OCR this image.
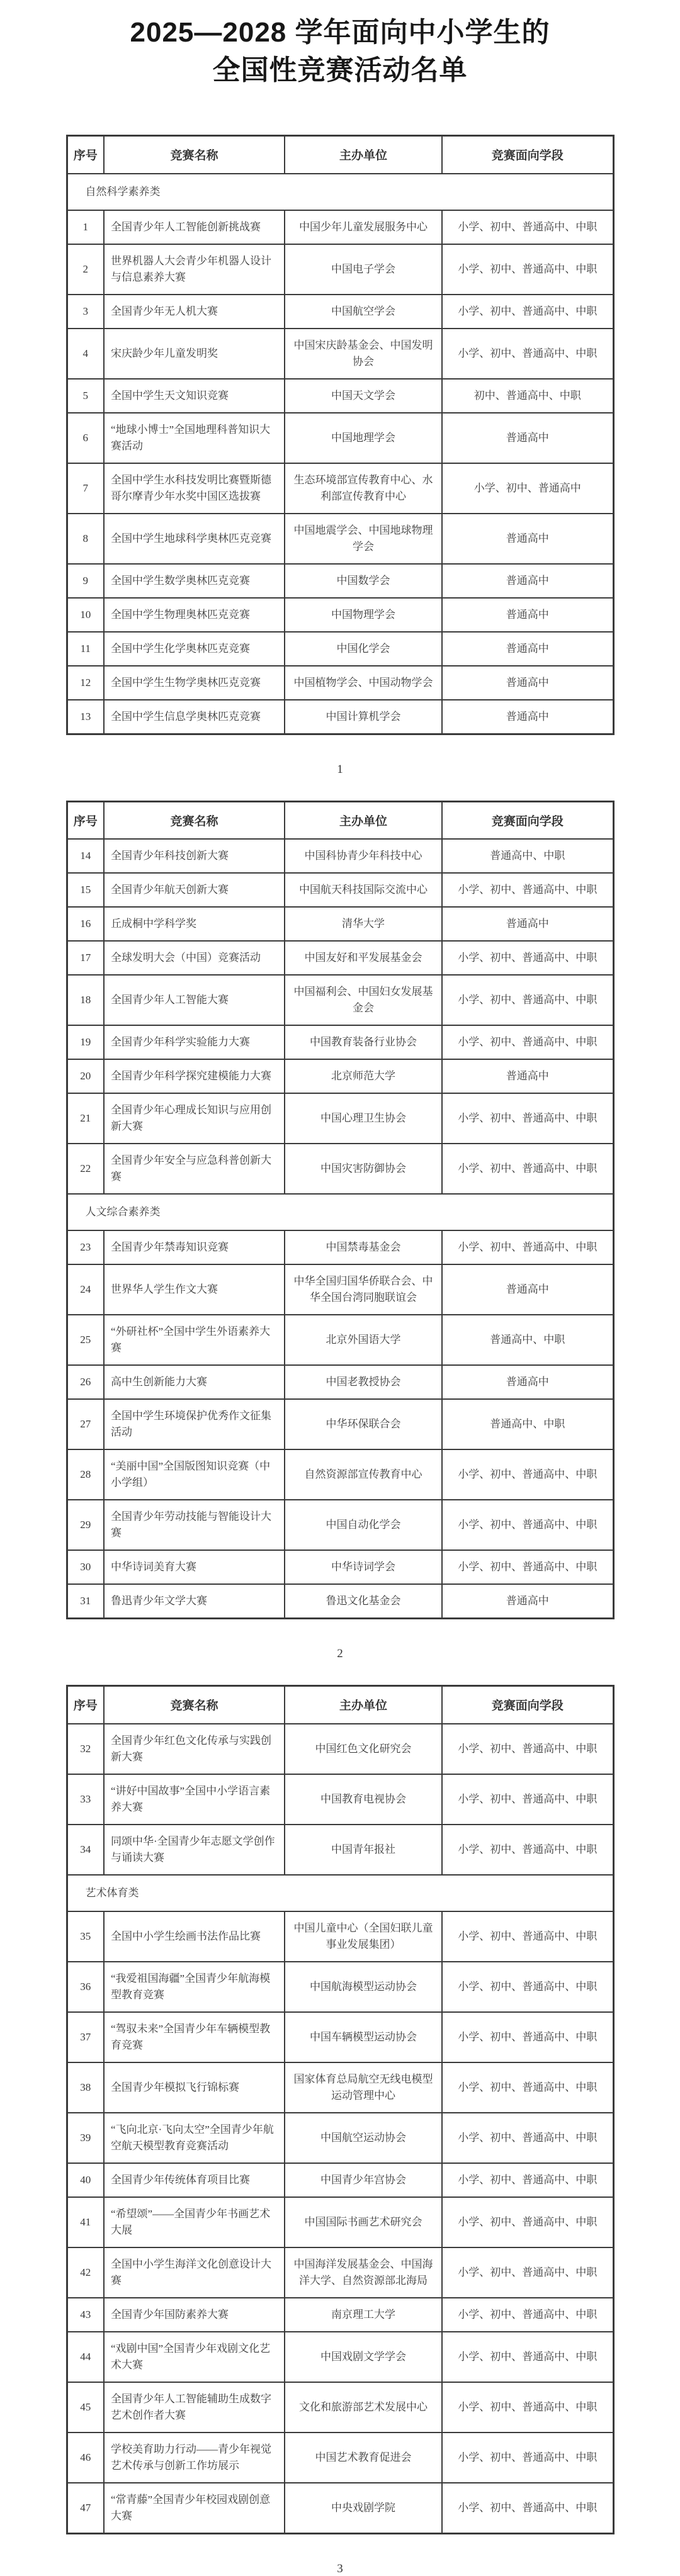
2025—2028 学年面向中小学生的
全国性竞赛活动名单
序号	竞赛名称	主办单位	竞赛面向学段
自然科学素养类			
1	全国青少年人工智能创新挑战赛	中国少年儿童发展服务中心	小学、初中、普通高中、中职
2	世界机器人大会青少年机器人设计与信息素养大赛	中国电子学会	小学、初中、普通高中、中职
3	全国青少年无人机大赛	中国航空学会	小学、初中、普通高中、中职
4	宋庆龄少年儿童发明奖	中国宋庆龄基金会、中国发明协会	小学、初中、普通高中、中职
5	全国中学生天文知识竞赛	中国天文学会	初中、普通高中、中职
6	“地球小博士”全国地理科普知识大赛活动	中国地理学会	普通高中
7	全国中学生水科技发明比赛暨斯德哥尔摩青少年水奖中国区选拔赛	生态环境部宣传教育中心、水利部宣传教育中心	小学、初中、普通高中
8	全国中学生地球科学奥林匹克竞赛	中国地震学会、中国地球物理学会	普通高中
9	全国中学生数学奥林匹克竞赛	中国数学会	普通高中
10	全国中学生物理奥林匹克竞赛	中国物理学会	普通高中
11	全国中学生化学奥林匹克竞赛	中国化学会	普通高中
12	全国中学生生物学奥林匹克竞赛	中国植物学会、中国动物学会	普通高中
13	全国中学生信息学奥林匹克竞赛	中国计算机学会	普通高中
1
序号	竞赛名称	主办单位	竞赛面向学段
14	全国青少年科技创新大赛	中国科协青少年科技中心	普通高中、中职
15	全国青少年航天创新大赛	中国航天科技国际交流中心	小学、初中、普通高中、中职
16	丘成桐中学科学奖	清华大学	普通高中
17	全球发明大会（中国）竞赛活动	中国友好和平发展基金会	小学、初中、普通高中、中职
18	全国青少年人工智能大赛	中国福利会、中国妇女发展基金会	小学、初中、普通高中、中职
19	全国青少年科学实验能力大赛	中国教育装备行业协会	小学、初中、普通高中、中职
20	全国青少年科学探究建模能力大赛	北京师范大学	普通高中
21	全国青少年心理成长知识与应用创新大赛	中国心理卫生协会	小学、初中、普通高中、中职
22	全国青少年安全与应急科普创新大赛	中国灾害防御协会	小学、初中、普通高中、中职
人文综合素养类			
23	全国青少年禁毒知识竞赛	中国禁毒基金会	小学、初中、普通高中、中职
24	世界华人学生作文大赛	中华全国归国华侨联合会、中华全国台湾同胞联谊会	普通高中
25	“外研社杯”全国中学生外语素养大赛	北京外国语大学	普通高中、中职
26	高中生创新能力大赛	中国老教授协会	普通高中
27	全国中学生环境保护优秀作文征集活动	中华环保联合会	普通高中、中职
28	“美丽中国”全国版图知识竞赛（中小学组）	自然资源部宣传教育中心	小学、初中、普通高中、中职
29	全国青少年劳动技能与智能设计大赛	中国自动化学会	小学、初中、普通高中、中职
30	中华诗词美育大赛	中华诗词学会	小学、初中、普通高中、中职
31	鲁迅青少年文学大赛	鲁迅文化基金会	普通高中
2
序号	竞赛名称	主办单位	竞赛面向学段
32	全国青少年红色文化传承与实践创新大赛	中国红色文化研究会	小学、初中、普通高中、中职
33	“讲好中国故事”全国中小学语言素养大赛	中国教育电视协会	小学、初中、普通高中、中职
34	同颂中华·全国青少年志愿文学创作与诵读大赛	中国青年报社	小学、初中、普通高中、中职
艺术体育类			
35	全国中小学生绘画书法作品比赛	中国儿童中心（全国妇联儿童事业发展集团）	小学、初中、普通高中、中职
36	“我爱祖国海疆”全国青少年航海模型教育竞赛	中国航海模型运动协会	小学、初中、普通高中、中职
37	“驾驭未来”全国青少年车辆模型教育竞赛	中国车辆模型运动协会	小学、初中、普通高中、中职
38	全国青少年模拟飞行锦标赛	国家体育总局航空无线电模型运动管理中心	小学、初中、普通高中、中职
39	“飞向北京·飞向太空”全国青少年航空航天模型教育竞赛活动	中国航空运动协会	小学、初中、普通高中、中职
40	全国青少年传统体育项目比赛	中国青少年宫协会	小学、初中、普通高中、中职
41	“希望颂”——全国青少年书画艺术大展	中国国际书画艺术研究会	小学、初中、普通高中、中职
42	全国中小学生海洋文化创意设计大赛	中国海洋发展基金会、中国海洋大学、自然资源部北海局	小学、初中、普通高中、中职
43	全国青少年国防素养大赛	南京理工大学	小学、初中、普通高中、中职
44	“戏剧中国”全国青少年戏剧文化艺术大赛	中国戏剧文学学会	小学、初中、普通高中、中职
45	全国青少年人工智能辅助生成数字艺术创作者大赛	文化和旅游部艺术发展中心	小学、初中、普通高中、中职
46	学校美育助力行动——青少年视觉艺术传承与创新工作坊展示	中国艺术教育促进会	小学、初中、普通高中、中职
47	“常青藤”全国青少年校园戏剧创意大赛	中央戏剧学院	小学、初中、普通高中、中职
3
